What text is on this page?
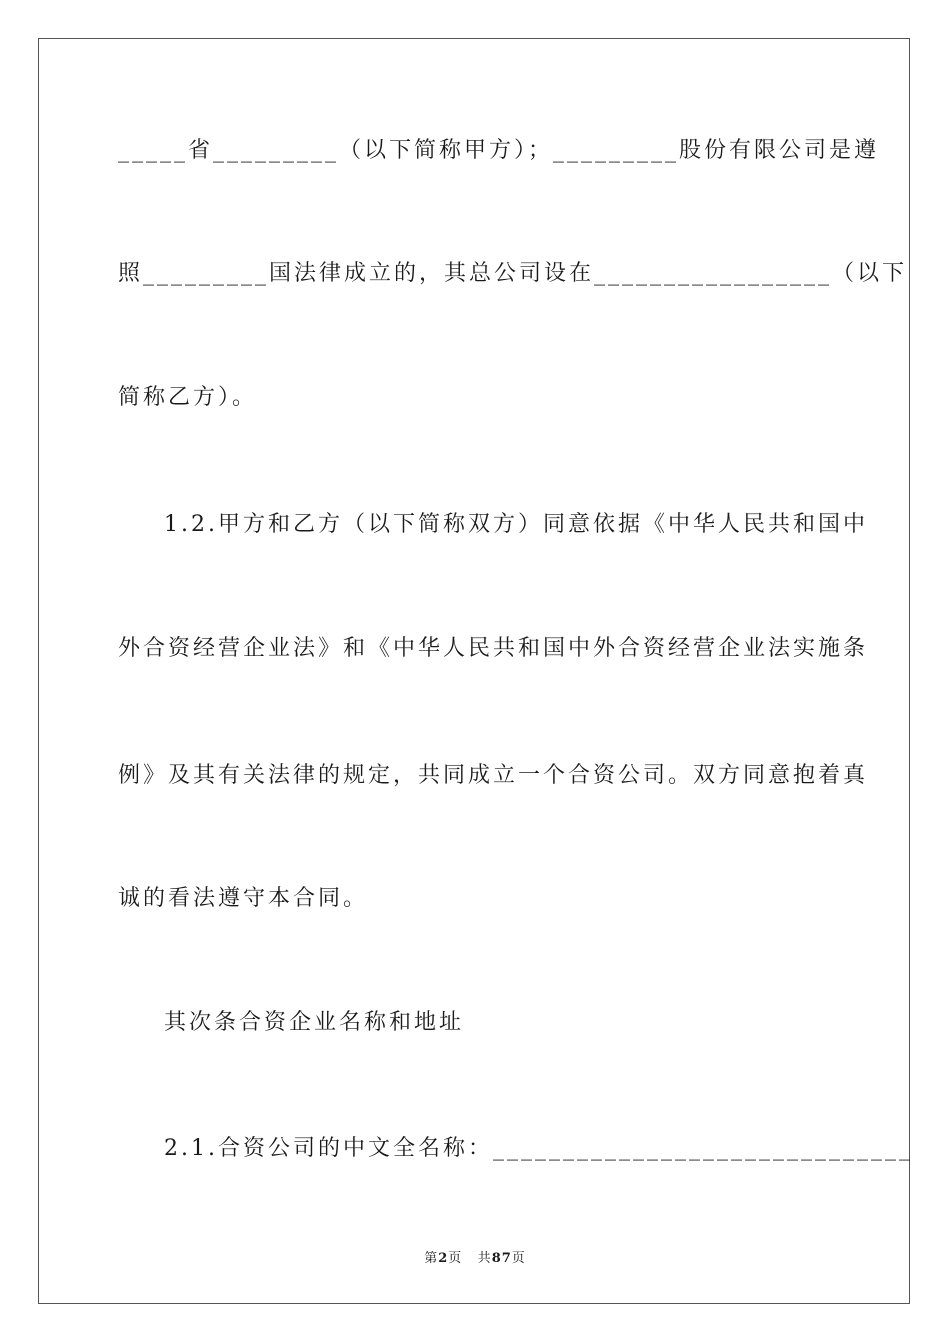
_____省_________（以下简称甲方）；_________股份有限公司是遵
照_________国法律成立的，其总公司设在_________________（以下
简称乙方）。
1.2.甲方和乙方（以下简称双方）同意依据《中华人民共和国中
外合资经营企业法》和《中华人民共和国中外合资经营企业法实施条
例》及其有关法律的规定，共同成立一个合资公司。双方同意抱着真
诚的看法遵守本合同。
其次条合资企业名称和地址
2.1.合资公司的中文全名称：______________________________
第2页 共87页
